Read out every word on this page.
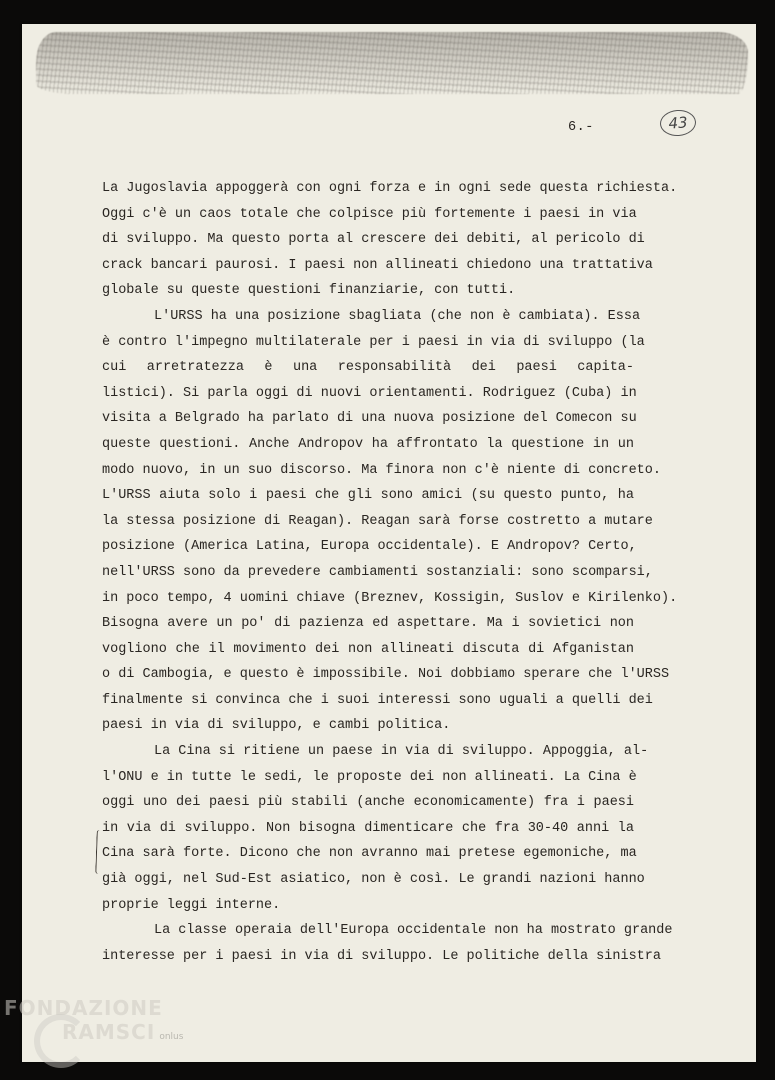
43
6.-
La Jugoslavia appoggerà con ogni forza e in ogni sede questa richiesta.
Oggi c'è un caos totale che colpisce più fortemente i paesi in via
di sviluppo. Ma questo porta al crescere dei debiti, al pericolo di
crack bancari paurosi. I paesi non allineati chiedono una trattativa
globale su queste questioni finanziarie, con tutti.
L'URSS ha una posizione sbagliata (che non è cambiata). Essa
è contro l'impegno multilaterale per i paesi in via di sviluppo (la
cui arretratezza è una responsabilità dei paesi capita-
listici). Si parla oggi di nuovi orientamenti. Rodriguez (Cuba) in
visita a Belgrado ha parlato di una nuova posizione del Comecon su
queste questioni. Anche Andropov ha affrontato la questione in un
modo nuovo, in un suo discorso. Ma finora non c'è niente di concreto.
L'URSS aiuta solo i paesi che gli sono amici (su questo punto, ha
la stessa posizione di Reagan). Reagan sarà forse costretto a mutare
posizione (America Latina, Europa occidentale). E Andropov? Certo,
nell'URSS sono da prevedere cambiamenti sostanziali: sono scomparsi,
in poco tempo, 4 uomini chiave (Breznev, Kossigin, Suslov e Kirilenko).
Bisogna avere un po' di pazienza ed aspettare. Ma i sovietici non
vogliono che il movimento dei non allineati discuta di Afganistan
o di Cambogia, e questo è impossibile. Noi dobbiamo sperare che l'URSS
finalmente si convinca che i suoi interessi sono uguali a quelli dei
paesi in via di sviluppo, e cambi politica.
La Cina si ritiene un paese in via di sviluppo. Appoggia, al-
l'ONU e in tutte le sedi, le proposte dei non allineati. La Cina è
oggi uno dei paesi più stabili (anche economicamente) fra i paesi
in via di sviluppo. Non bisogna dimenticare che fra 30-40 anni la
Cina sarà forte. Dicono che non avranno mai pretese egemoniche, ma
già oggi, nel Sud-Est asiatico, non è così. Le grandi nazioni hanno
proprie leggi interne.
La classe operaia dell'Europa occidentale non ha mostrato grande
interesse per i paesi in via di sviluppo. Le politiche della sinistra
FONDAZIONE
RAMSCI onlus
